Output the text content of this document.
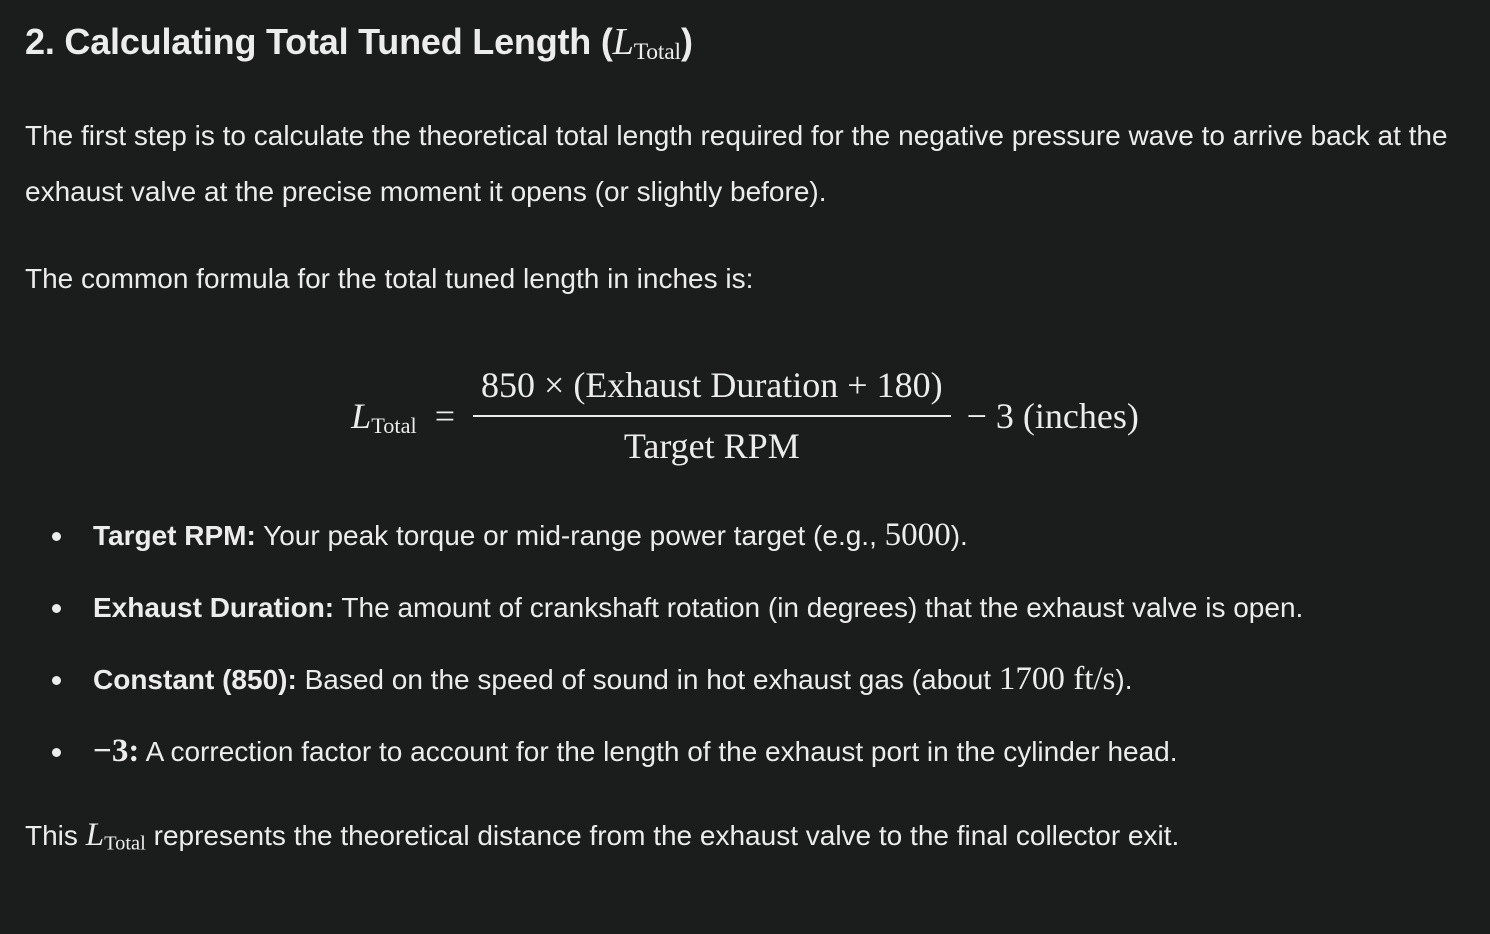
2. Calculating Total Tuned Length $(L_{Total})$

The first step is to calculate the theoretical total length required for the negative pressure wave to arrive back at the exhaust valve at the precise moment it opens (or slightly before).

The common formula for the total tuned length in inches is:

$L_{Total} = \frac{\text{850 × (Exhaust Duration + 180)}}{\text{Target RPM}} - 3$ (inches)
Target RPM: Your peak torque or mid-range power target (e.g., 5000).
Exhaust Duration: The amount of crankshaft rotation (in degrees) that the exhaust valve is open.
Constant (850): Based on the speed of sound in hot exhaust gas (about 1700 ft/s).
−3: A correction factor to account for the length of the exhaust port in the cylinder head.

This $L_{Total}$ represents the theoretical distance from the exhaust valve to the final collector exit.
